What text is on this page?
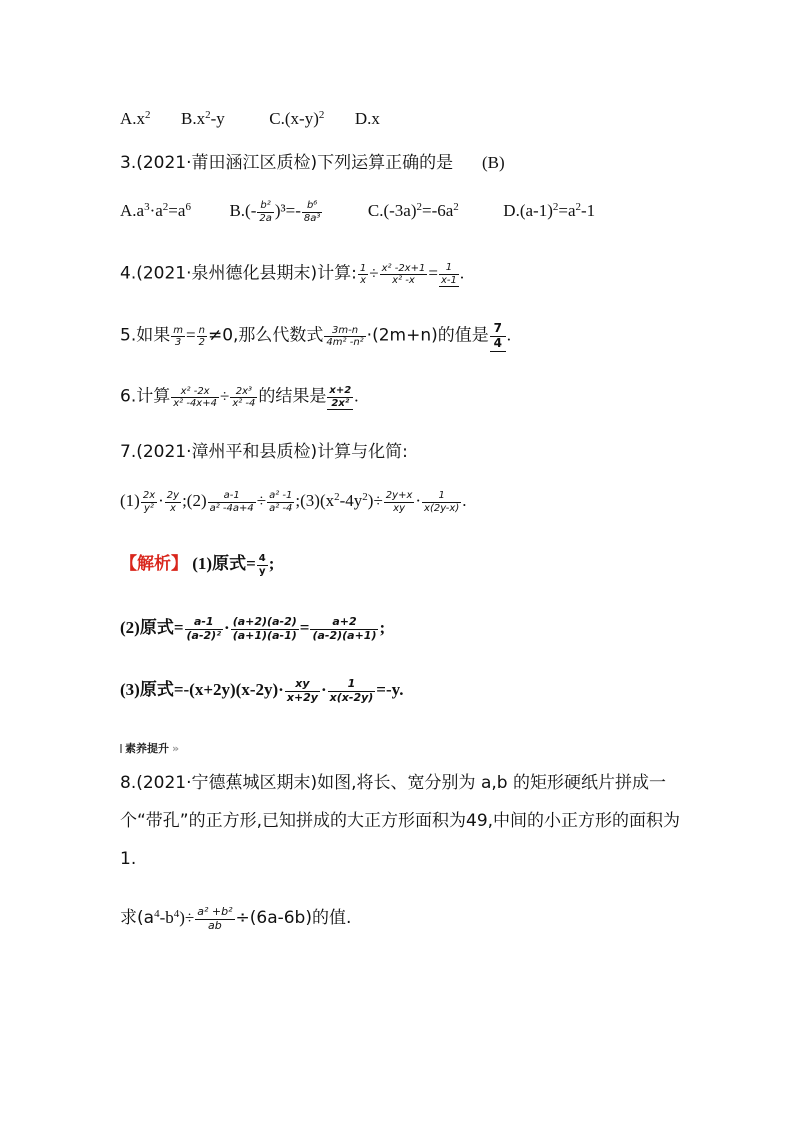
$A.x^2$ $B.x^2-y$	$C.(x-y)^2$ D.x
3.(2021·莆田涵江区质检)下列运算正确的是 (B)
$A.a^3\cdot a^2=a^6$ $B.(- \frac{\text{b²}}{2a} )^3=- \frac{\text{b⁶}}{\text{8a³}}$	$C.(-3a)^2=-6a^2$	$D.(a-1)^2=a^2-1$
4.(2021·泉州德化县期末)计算: $\frac{1}{x} \div \frac{\text{x² -2x+1}}{\text{x² -x}} = \frac{1}{x-1}$ .
5.如果 $\frac{m}{3} = \frac{n}{2} \ne 0$,那么代数式 $\frac{3m-n}{\text{4m² -n²}} \cdot(2m+n)$的值是 $\frac{7}{4}$ .
6.计算 $\frac{\text{x² -2x}}{\text{x² -4x+4}} \div \frac{\text{2x³}}{\text{x² -4}}$ 的结果是 $\frac{x+2}{\text{2x²}}$ .
7.(2021·漳州平和县质检)计算与化简:
$(1) \frac{2x}{\text{y²}} \cdot \frac{2y}{x}$ ;(2) $\frac{a-1}{\text{a² -4a+4}} \div \frac{\text{a² -1}}{\text{a² -4}}$ $;(3)(x^2-4y^2)\div \frac{2y+x}{xy} \cdot \frac{1}{x(2y-x)}$ .
【解析】 (1)原式= $\frac{4}{y}$ ;
(2)原式= $\frac{a-1}{\text{(a-2)²}} \cdot \frac{(a+2)(a-2)}{(a+1)(a-1)} = \frac{a+2}{(a-2)(a+1)}$ ;
(3)原式$=-(x+2y)(x-2y)\cdot \frac{xy}{x+2y} \cdot \frac{1}{x(x-2y)} =-y$.
素养提升 »
8.(2021·宁德蕉城区期末)如图,将长、宽分别为 a,b 的矩形硬纸片拼成一个“带孔”的正方形,已知拼成的大正方形面积为49,中间的小正方形的面积为 1.
求$(a^4-b^4)\div \frac{\text{a² +b²}}{ab} \div(6a-6b)$的值.
